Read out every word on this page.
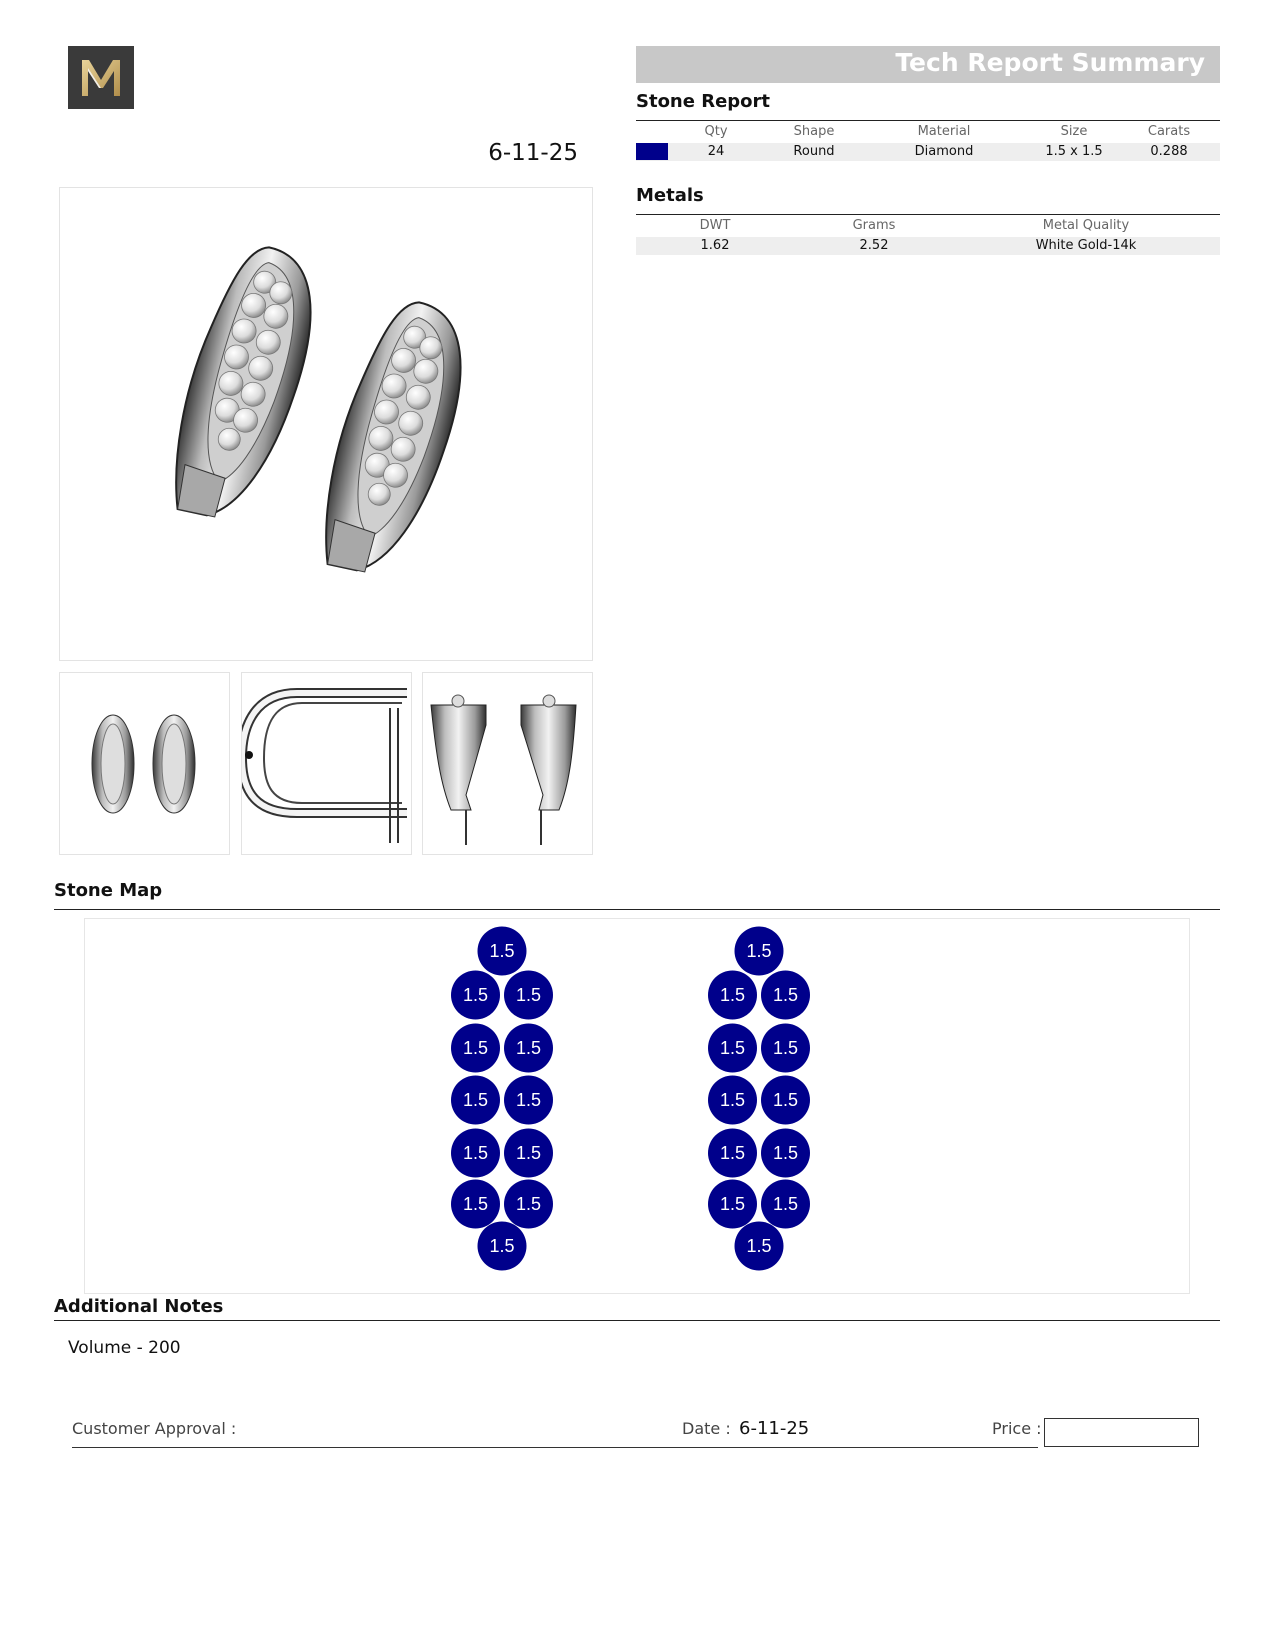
6-11-25
Tech Report Summary
Stone Report
Qty	Shape	Material	Size	Carats
24	Round	Diamond	1.5 x 1.5	0.288
Metals
DWT	Grams	Metal Quality
1.62	2.52	White Gold-14k
Stone Map
1.5
1.5 1.5
1.5 1.5
1.5 1.5
1.5 1.5
1.5 1.5
1.5
1.5
1.5 1.5
1.5 1.5
1.5 1.5
1.5 1.5
1.5 1.5
1.5
Additional Notes
Volume - 200
Customer Approval :	Date : 6-11-25	Price :
